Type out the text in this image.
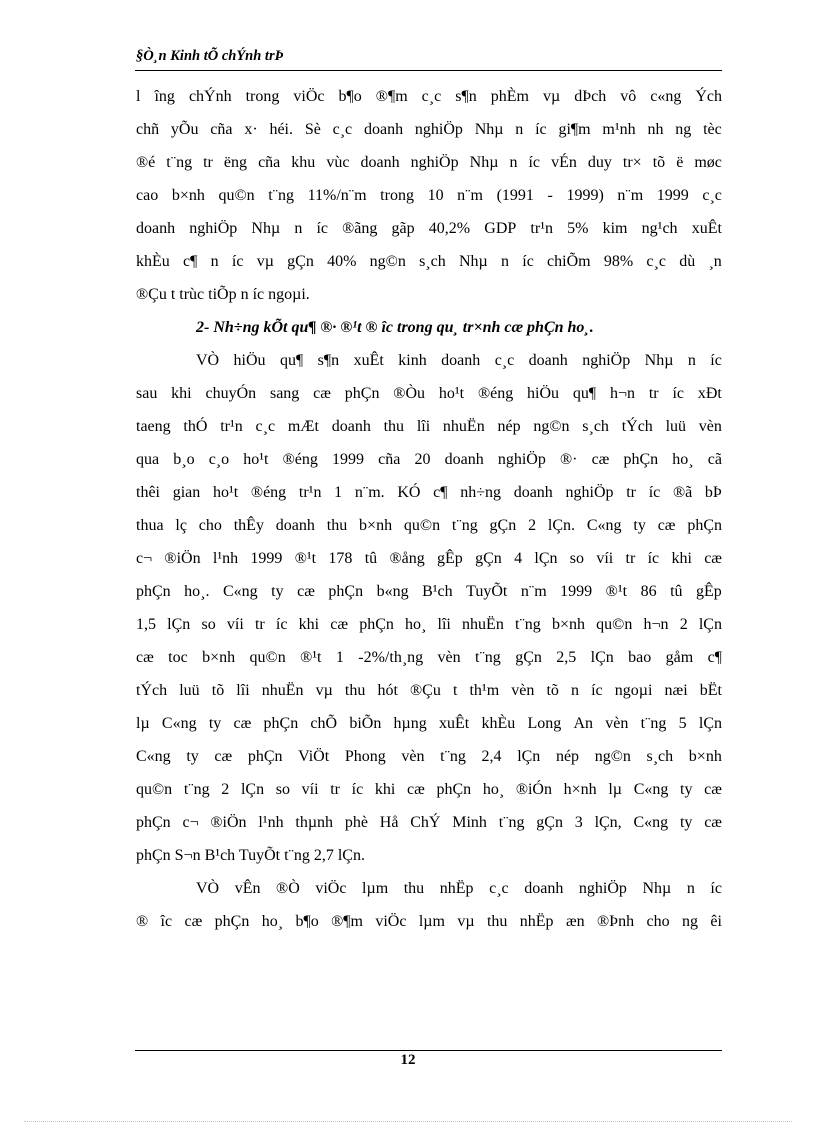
§Ò¸n Kinh tÕ chÝnh trÞ
l îng chÝnh trong viÖc b¶o ®¶m c¸c s¶n phÈm vµ dÞch vô c«ng Ých
chñ yÕu cña x· héi. Sè c¸c doanh nghiÖp Nhµ n íc gi¶m m¹nh nh ng tèc
®é t¨ng tr ëng cña khu vùc doanh nghiÖp Nhµ n íc vÉn duy tr× tõ ë møc
cao b×nh qu©n t¨ng 11%/n¨m trong 10 n¨m (1991 - 1999) n¨m 1999 c¸c
doanh nghiÖp Nhµ n íc ®ãng gãp 40,2% GDP tr¹n 5% kim ng¹ch xuÊt
khÈu c¶ n íc vµ gÇn 40% ng©n s¸ch Nhµ n íc chiÕm 98% c¸c dù ¸n
®Çu t trùc tiÕp n íc ngoµi.
2- Nh÷ng kÕt qu¶ ®· ®¹t ® îc trong qu¸ tr×nh cæ phÇn ho¸.
VÒ hiÖu qu¶ s¶n xuÊt kinh doanh c¸c doanh nghiÖp Nhµ n íc
sau khi chuyÓn sang cæ phÇn ®Òu ho¹t ®éng hiÖu qu¶ h¬n tr íc xÐt
taeng thÓ tr¹n c¸c mÆt doanh thu lîi nhuËn nép ng©n s¸ch tÝch luü vèn
qua b¸o c¸o ho¹t ®éng 1999 cña 20 doanh nghiÖp ®· cæ phÇn ho¸ cã
thêi gian ho¹t ®éng tr¹n 1 n¨m. KÓ c¶ nh÷ng doanh nghiÖp tr íc ®ã bÞ
thua lç cho thÊy doanh thu b×nh qu©n t¨ng gÇn 2 lÇn. C«ng ty cæ phÇn
c¬ ®iÖn l¹nh 1999 ®¹t 178 tû ®ång gÊp gÇn 4 lÇn so víi tr íc khi cæ
phÇn ho¸. C«ng ty cæ phÇn b«ng B¹ch TuyÕt n¨m 1999 ®¹t 86 tû gÊp
1,5 lÇn so víi tr íc khi cæ phÇn ho¸ lîi nhuËn t¨ng b×nh qu©n h¬n 2 lÇn
cæ toc b×nh qu©n ®¹t 1 -2%/th¸ng vèn t¨ng gÇn 2,5 lÇn bao gåm c¶
tÝch luü tõ lîi nhuËn vµ thu hót ®Çu t th¹m vèn tõ n íc ngoµi næi bËt
lµ C«ng ty cæ phÇn chÕ biÕn hµng xuÊt khÈu Long An vèn t¨ng 5 lÇn
C«ng ty cæ phÇn ViÖt Phong vèn t¨ng 2,4 lÇn nép ng©n s¸ch b×nh
qu©n t¨ng 2 lÇn so víi tr íc khi cæ phÇn ho¸ ®iÓn h×nh lµ C«ng ty cæ
phÇn c¬ ®iÖn l¹nh thµnh phè Hå ChÝ Minh t¨ng gÇn 3 lÇn, C«ng ty cæ
phÇn S¬n B¹ch TuyÕt t¨ng 2,7 lÇn.
VÒ vÊn ®Ò viÖc lµm thu nhËp c¸c doanh nghiÖp Nhµ n íc
® îc cæ phÇn ho¸ b¶o ®¶m viÖc lµm vµ thu nhËp æn ®Þnh cho ng êi
12
